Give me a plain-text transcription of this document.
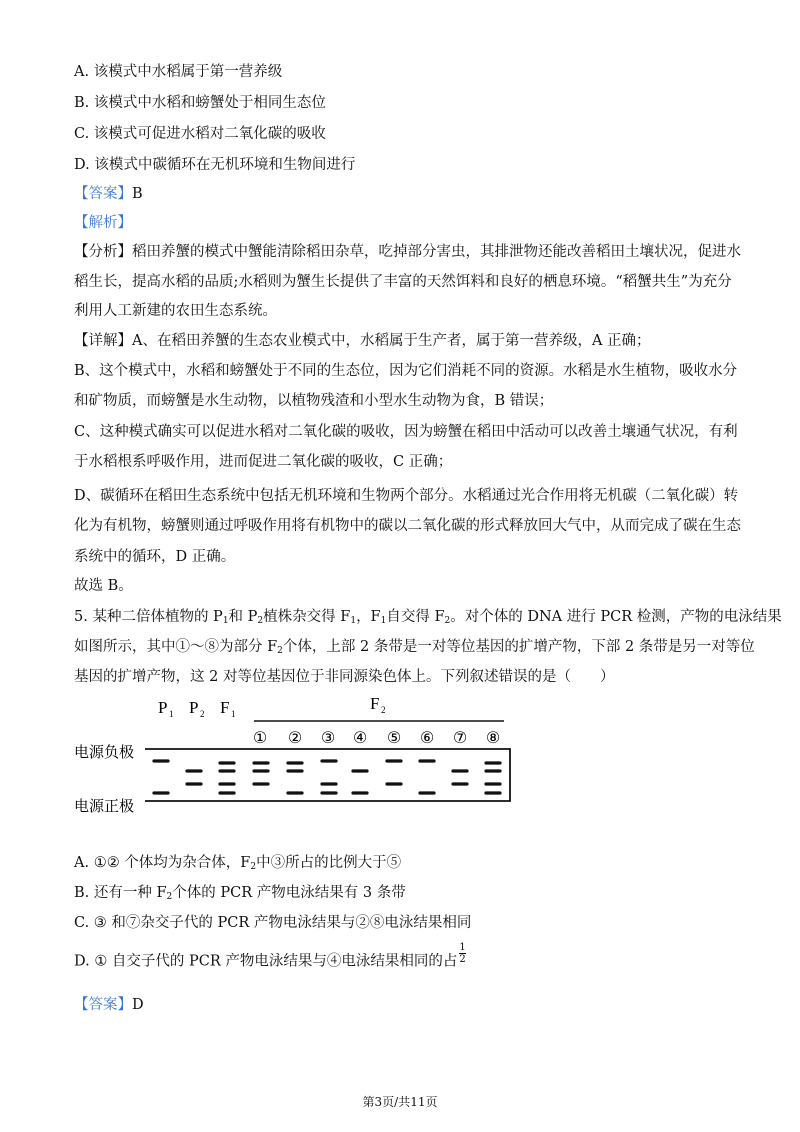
A. 该模式中水稻属于第一营养级
B. 该模式中水稻和螃蟹处于相同生态位
C. 该模式可促进水稻对二氧化碳的吸收
D. 该模式中碳循环在无机环境和生物间进行
【答案】B
【解析】
【分析】稻田养蟹的模式中蟹能清除稻田杂草，吃掉部分害虫，其排泄物还能改善稻田土壤状况，促进水
稻生长，提高水稻的品质;水稻则为蟹生长提供了丰富的天然饵料和良好的栖息环境。“稻蟹共生”为充分
利用人工新建的农田生态系统。
【详解】A、在稻田养蟹的生态农业模式中，水稻属于生产者，属于第一营养级，A 正确；
B、这个模式中，水稻和螃蟹处于不同的生态位，因为它们消耗不同的资源。水稻是水生植物，吸收水分
和矿物质，而螃蟹是水生动物，以植物残渣和小型水生动物为食，B 错误；
C、这种模式确实可以促进水稻对二氧化碳的吸收，因为螃蟹在稻田中活动可以改善土壤通气状况，有利
于水稻根系呼吸作用，进而促进二氧化碳的吸收，C 正确；
D、碳循环在稻田生态系统中包括无机环境和生物两个部分。水稻通过光合作用将无机碳（二氧化碳）转
化为有机物，螃蟹则通过呼吸作用将有机物中的碳以二氧化碳的形式释放回大气中，从而完成了碳在生态
系统中的循环，D 正确。
故选 B。
5. 某种二倍体植物的 $P_1$和 $P_2$植株杂交得 $F_1$，$F_1$自交得 $F_2$。对个体的 DNA 进行 PCR 检测，产物的电泳结果
如图所示，其中①～⑧为部分 $F_2$个体，上部 2 条带是一对等位基因的扩增产物，下部 2 条带是另一对等位
基因的扩增产物，这 2 对等位基因位于非同源染色体上。下列叙述错误的是（　　）
P 1 P 2 F 1
F 2
① ② ③ ④ ⑤ ⑥ ⑦ ⑧
电源负极
电源正极
A. ①② 个体均为杂合体，$F_2$中③所占的比例大于⑤
B. 还有一种 $F_2$个体的 PCR 产物电泳结果有 3 条带
C. ③ 和⑦杂交子代的 PCR 产物电泳结果与②⑧电泳结果相同
D. ① 自交子代的 PCR 产物电泳结果与④电泳结果相同的占 $\frac{1}{2}$
【答案】D
第3页/共11页
